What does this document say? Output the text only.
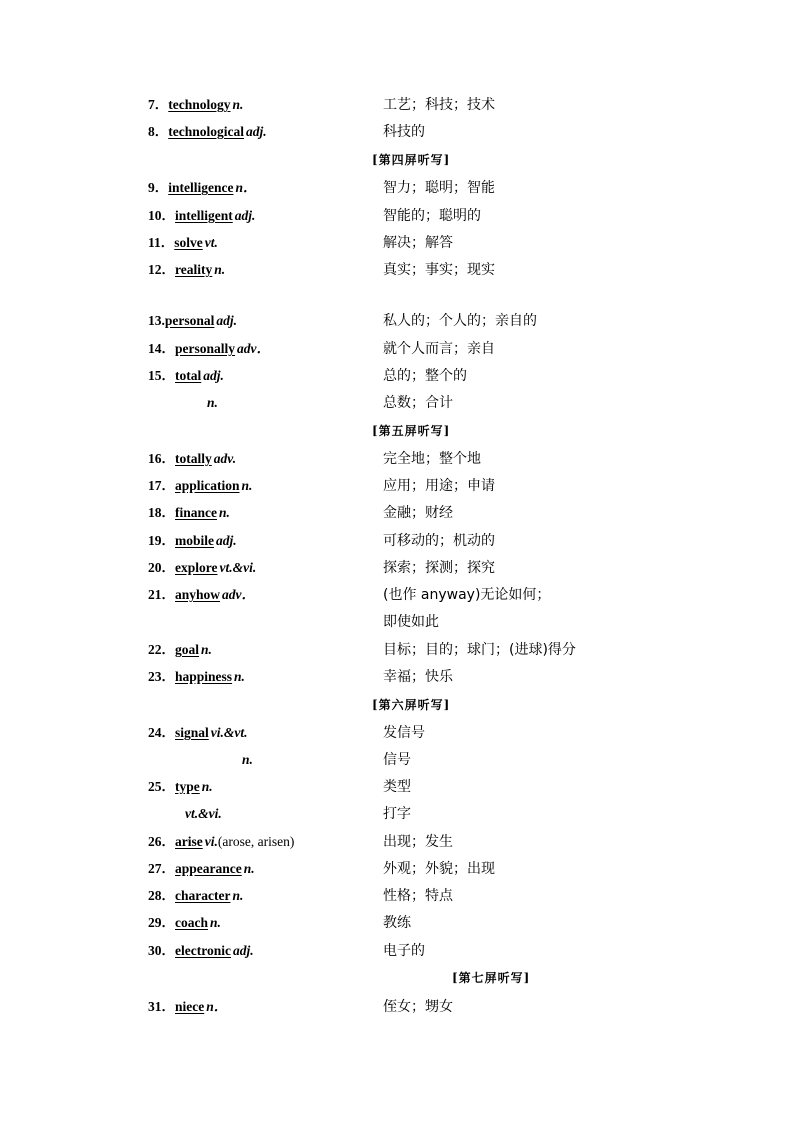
7．technology n.	工艺；科技；技术
8．technological adj.	科技的
[第四屏听写]
9．intelligence n．	智力；聪明；智能
10．intelligent adj.	智能的；聪明的
11．solve vt.	解决；解答
12．reality n.	真实；事实；现实
13.personal adj.	私人的；个人的；亲自的
14．personally adv．	就个人而言；亲自
15．total adj.	总的；整个的
n.	总数；合计
[第五屏听写]
16．totally adv.	完全地；整个地
17．application n.	应用；用途；申请
18．finance n.	金融；财经
19．mobile adj.	可移动的；机动的
20．explore vt.&vi.	探索；探测；探究
21．anyhow adv．	(也作 anyway)无论如何；
即使如此
22．goal n.	目标；目的；球门；(进球)得分
23．happiness n.	幸福；快乐
[第六屏听写]
24．signal vi.&vt.	发信号
n.	信号
25．type n.	类型
vt.&vi.	打字
26．arise vi.(arose, arisen)	出现；发生
27．appearance n.	外观；外貌；出现
28．character n.	性格；特点
29．coach n.	教练
30．electronic adj.	电子的
[第七屏听写]
31．niece n．	侄女；甥女
